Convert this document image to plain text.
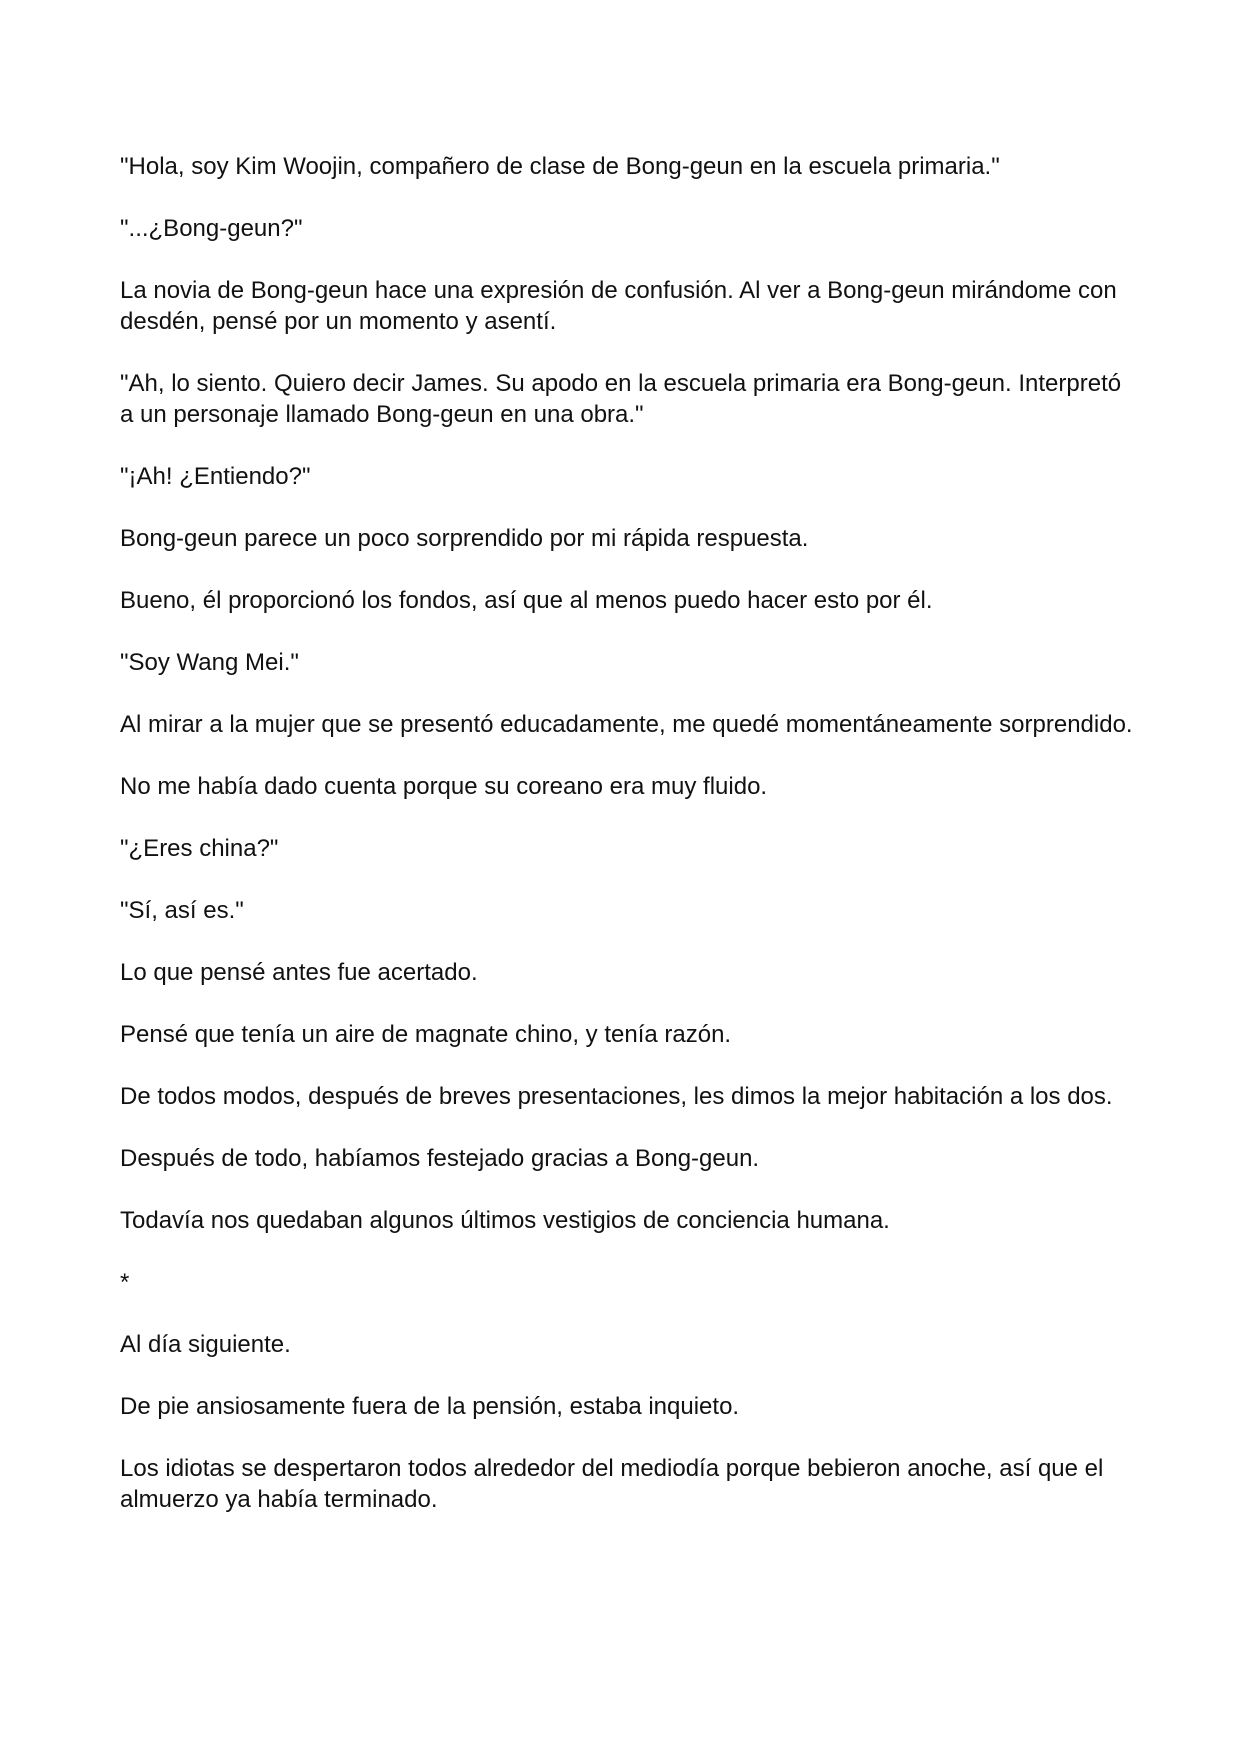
"Hola, soy Kim Woojin, compañero de clase de Bong-geun en la escuela primaria."

"...¿Bong-geun?"

La novia de Bong-geun hace una expresión de confusión. Al ver a Bong-geun mirándome con desdén, pensé por un momento y asentí.

"Ah, lo siento. Quiero decir James. Su apodo en la escuela primaria era Bong-geun. Interpretó a un personaje llamado Bong-geun en una obra."

"¡Ah! ¿Entiendo?"

Bong-geun parece un poco sorprendido por mi rápida respuesta.

Bueno, él proporcionó los fondos, así que al menos puedo hacer esto por él.

"Soy Wang Mei."

Al mirar a la mujer que se presentó educadamente, me quedé momentáneamente sorprendido.

No me había dado cuenta porque su coreano era muy fluido.

"¿Eres china?"

"Sí, así es."

Lo que pensé antes fue acertado.

Pensé que tenía un aire de magnate chino, y tenía razón.

De todos modos, después de breves presentaciones, les dimos la mejor habitación a los dos.

Después de todo, habíamos festejado gracias a Bong-geun.

Todavía nos quedaban algunos últimos vestigios de conciencia humana.

*

Al día siguiente.

De pie ansiosamente fuera de la pensión, estaba inquieto.

Los idiotas se despertaron todos alrededor del mediodía porque bebieron anoche, así que el almuerzo ya había terminado.
